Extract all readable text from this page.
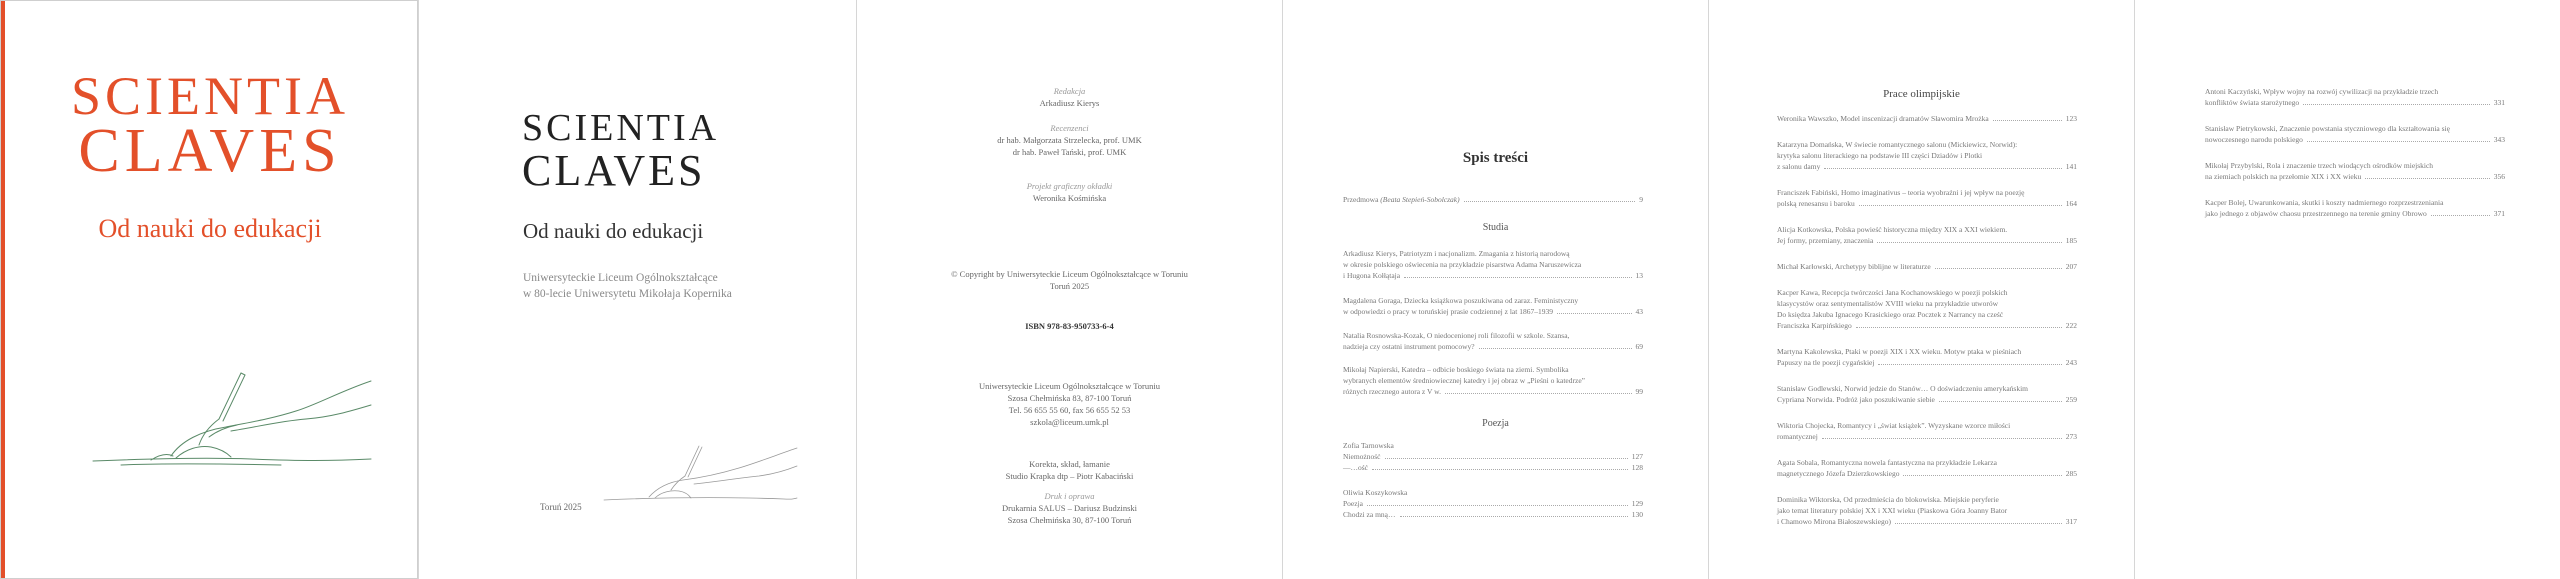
SCIENTIA
CLAVES
Od nauki do edukacji
SCIENTIA
CLAVES
Od nauki do edukacji
Uniwersyteckie Liceum Ogólnokształcące
w 80-lecie Uniwersytetu Mikołaja Kopernika
Toruń 2025
Redakcja
Arkadiusz Kierys
Recenzenci
dr hab. Małgorzata Strzelecka, prof. UMK
dr hab. Paweł Tański, prof. UMK
Projekt graficzny okładki
Weronika Kośmińska
© Copyright by Uniwersyteckie Liceum Ogólnokształcące w Toruniu
Toruń 2025
ISBN 978-83-950733-6-4
Uniwersyteckie Liceum Ogólnokształcące w Toruniu
Szosa Chełmińska 83, 87-100 Toruń
Tel. 56 655 55 60, fax 56 655 52 53
szkola@liceum.umk.pl
Korekta, skład, łamanie
Studio Krapka dtp – Piotr Kabaciński
Druk i oprawa
Drukarnia SALUS – Dariusz Budzinski
Szosa Chełmińska 30, 87-100 Toruń
Spis treści
Przedmowa (Beata Stepień-Sobolczak)	9
Studia
Arkadiusz Kierys, Patriotyzm i nacjonalizm. Zmagania z historią narodową
w okresie polskiego oświecenia na przykładzie pisarstwa Adama Naruszewicza
i Hugona Kołłątaja	13
Magdalena Goraga, Dziecka książkowa poszukiwana od zaraz. Feministyczny
w odpowiedzi o pracy w toruńskiej prasie codziennej z lat 1867–1939	43
Natalia Rosnowska-Kozak, O niedocenionej roli filozofii w szkole. Szansa,
nadzieja czy ostatni instrument pomocowy?	69
Mikołaj Napierski, Katedra – odbicie boskiego świata na ziemi. Symbolika
wybranych elementów średniowiecznej katedry i jej obraz w „Pieśni o katedrze”
różnych rzecznego autora z V w.	99
Poezja
Zofia Tarnowska
Niemożność	127
—…ość	128
Oliwia Koszykowska
Poezja	129
Chodzi za mną…	130
Prace olimpijskie
Weronika Wawszko, Model inscenizacji dramatów Sławomira Mrożka	123
Katarzyna Domańska, W świecie romantycznego salonu (Mickiewicz, Norwid):
krytyka salonu literackiego na podstawie III części Dziadów i Plotki
z salonu damy	141
Franciszek Fabiński, Homo imaginativus – teoria wyobraźni i jej wpływ na poezję
polską renesansu i baroku	164
Alicja Kotkowska, Polska powieść historyczna między XIX a XXI wiekiem.
Jej formy, przemiany, znaczenia	185
Michał Karłowski, Archetypy biblijne w literaturze	207
Kacper Kawa, Recepcja twórczości Jana Kochanowskiego w poezji polskich
klasycystów oraz sentymentalistów XVIII wieku na przykładzie utworów
Do księdza Jakuba Ignacego Krasickiego oraz Pocztek z Narrancy na cześć
Franciszka Karpińskiego	222
Martyna Kakolewska, Ptaki w poezji XIX i XX wieku. Motyw ptaka w pieśniach
Papuszy na tle poezji cygańskiej	243
Stanisław Godlewski, Norwid jedzie do Stanów… O doświadczeniu amerykańskim
Cypriana Norwida. Podróż jako poszukiwanie siebie	259
Wiktoria Chojecka, Romantycy i „świat książek”. Wyzyskane wzorce miłości
romantycznej	273
Agata Sobala, Romantyczna nowela fantastyczna na przykładzie Lekarza
magnetycznego Józefa Dzierzkowskiego	285
Dominika Wiktorska, Od przedmieścia do blokowiska. Miejskie peryferie
jako temat literatury polskiej XX i XXI wieku (Piaskowa Góra Joanny Bator
i Chamowo Mirona Białoszewskiego)	317
Antoni Kaczyński, Wpływ wojny na rozwój cywilizacji na przykładzie trzech
konfliktów świata starożytnego	331
Stanisław Pietrykowski, Znaczenie powstania styczniowego dla kształtowania się
nowoczesnego narodu polskiego	343
Mikołaj Przybylski, Rola i znaczenie trzech wiodących ośrodków miejskich
na ziemiach polskich na przełomie XIX i XX wieku	356
Kacper Bolej, Uwarunkowania, skutki i koszty nadmiernego rozprzestrzeniania
jako jednego z objawów chaosu przestrzennego na terenie gminy Obrowo	371
